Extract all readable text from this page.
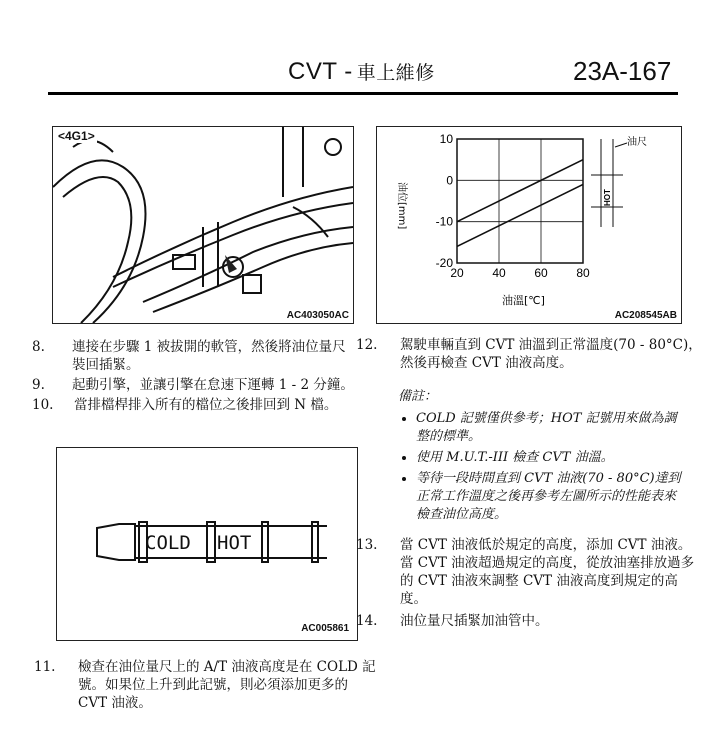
CVT - 車上維修	23A-167
<4G1>
AC403050AC
20 40 60 80
10
0
-10
-20
油尺
HOT
油位[mm]
油溫[℃]
AC208545AB
8. 連接在步驟 1 被拔開的軟管，然後將油位量尺裝回插緊。
9. 起動引擎，並讓引擎在怠速下運轉 1 - 2 分鐘。
10. 當排檔桿排入所有的檔位之後排回到 N 檔。
COLD HOT
AC005861
11. 檢查在油位量尺上的 A/T 油液高度是在 COLD 記號。如果位上升到此記號，則必須添加更多的 CVT 油液。
12. 駕駛車輛直到 CVT 油溫到正常溫度(70 - 80°C)，然後再檢查 CVT 油液高度。
備註：
• COLD 記號僅供參考；HOT 記號用來做為調整的標準。
• 使用 M.U.T.-III 檢查 CVT 油溫。
• 等待一段時間直到 CVT 油液(70 - 80°C)達到正常工作溫度之後再參考左圖所示的性能表來檢查油位高度。
13. 當 CVT 油液低於規定的高度，添加 CVT 油液。當 CVT 油液超過規定的高度，從放油塞排放過多的 CVT 油液來調整 CVT 油液高度到規定的高度。
14. 油位量尺插緊加油管中。
